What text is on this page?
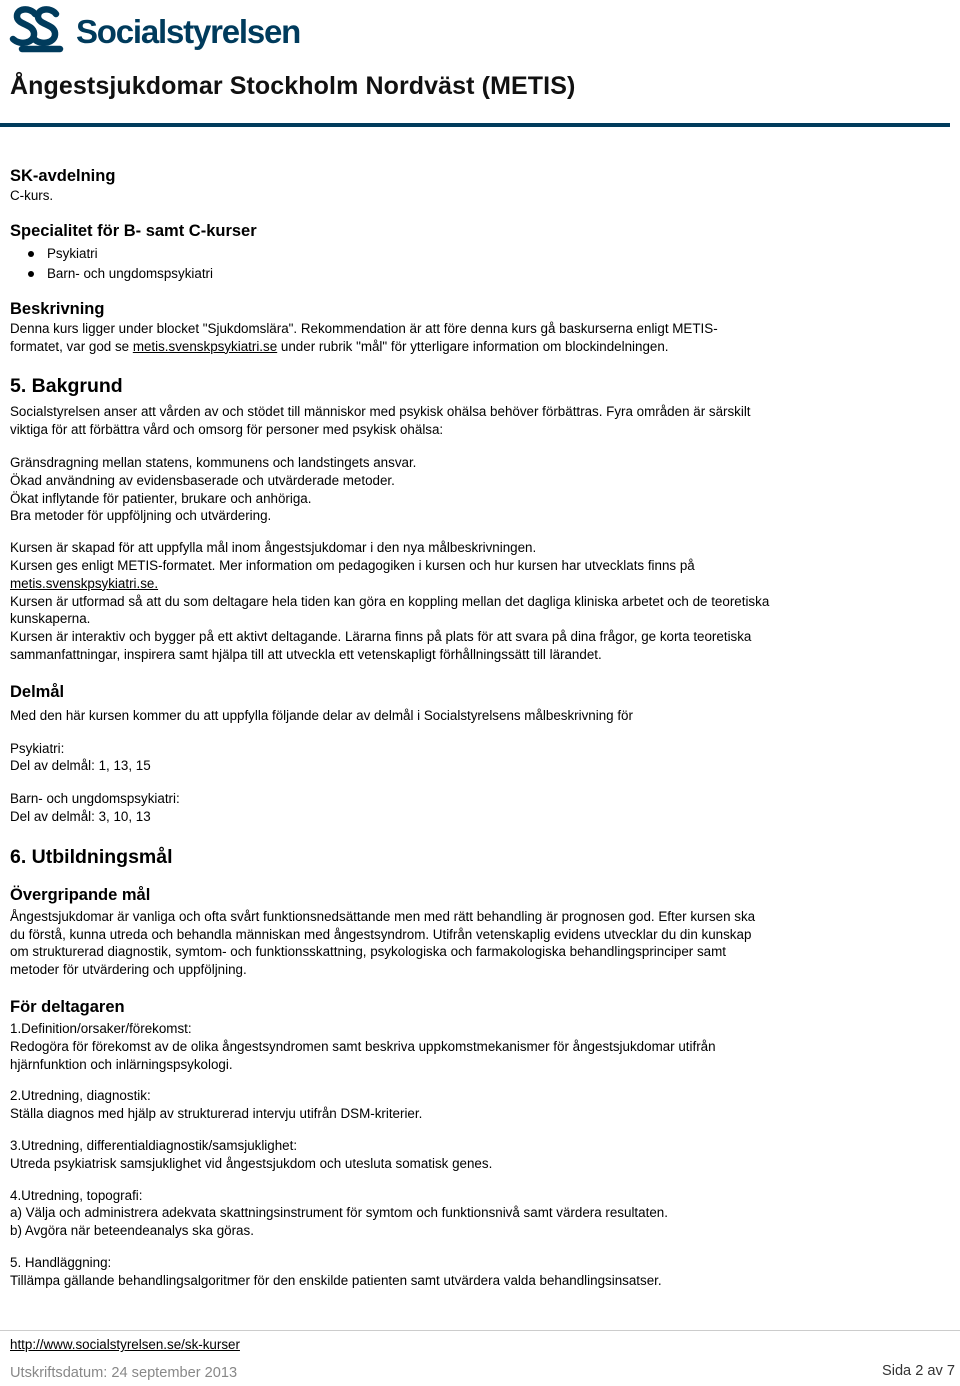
Socialstyrelsen
Ångestsjukdomar Stockholm Nordväst (METIS)
SK-avdelning

C-kurs.

Specialitet för B- samt C-kurser
Psykiatri
Barn- och ungdomspsykiatri
Beskrivning

Denna kurs ligger under blocket "Sjukdomslära". Rekommendation är att före denna kurs gå baskurserna enligt METIS-formatet, var god se metis.svenskpsykiatri.se under rubrik "mål" för ytterligare information om blockindelningen.

5. Bakgrund

Socialstyrelsen anser att vården av och stödet till människor med psykisk ohälsa behöver förbättras. Fyra områden är särskilt viktiga för att förbättra vård och omsorg för personer med psykisk ohälsa:

Gränsdragning mellan statens, kommunens och landstingets ansvar.

Ökad användning av evidensbaserade och utvärderade metoder.

Ökat inflytande för patienter, brukare och anhöriga.

Bra metoder för uppföljning och utvärdering.

Kursen är skapad för att uppfylla mål inom ångestsjukdomar i den nya målbeskrivningen.

Kursen ges enligt METIS-formatet. Mer information om pedagogiken i kursen och hur kursen har utvecklats finns på metis.svenskpsykiatri.se.

Kursen är utformad så att du som deltagare hela tiden kan göra en koppling mellan det dagliga kliniska arbetet och de teoretiska kunskaperna.

Kursen är interaktiv och bygger på ett aktivt deltagande. Lärarna finns på plats för att svara på dina frågor, ge korta teoretiska sammanfattningar, inspirera samt hjälpa till att utveckla ett vetenskapligt förhållningssätt till lärandet.

Delmål

Med den här kursen kommer du att uppfylla följande delar av delmål i Socialstyrelsens målbeskrivning för

Psykiatri:

Del av delmål: 1, 13, 15

Barn- och ungdomspsykiatri:

Del av delmål: 3, 10, 13

6. Utbildningsmål
Övergripande mål

Ångestsjukdomar är vanliga och ofta svårt funktionsnedsättande men med rätt behandling är prognosen god. Efter kursen ska du förstå, kunna utreda och behandla människan med ångestsyndrom. Utifrån vetenskaplig evidens utvecklar du din kunskap om strukturerad diagnostik, symtom- och funktionsskattning, psykologiska och farmakologiska behandlingsprinciper samt metoder för utvärdering och uppföljning.

För deltagaren

1.Definition/orsaker/förekomst:

Redogöra för förekomst av de olika ångestsyndromen samt beskriva uppkomstmekanismer för ångestsjukdomar utifrån hjärnfunktion och inlärningspsykologi.

2.Utredning, diagnostik:

Ställa diagnos med hjälp av strukturerad intervju utifrån DSM-kriterier.

3.Utredning, differentialdiagnostik/samsjuklighet:

Utreda psykiatrisk samsjuklighet vid ångestsjukdom och utesluta somatisk genes.

4.Utredning, topografi:

a) Välja och administrera adekvata skattningsinstrument för symtom och funktionsnivå samt värdera resultaten.

b) Avgöra när beteendeanalys ska göras.

5. Handläggning:

Tillämpa gällande behandlingsalgoritmer för den enskilde patienten samt utvärdera valda behandlingsinsatser.

http://www.socialstyrelsen.se/sk-kurser
Utskriftsdatum: 24 september 2013	Sida 2 av 7
